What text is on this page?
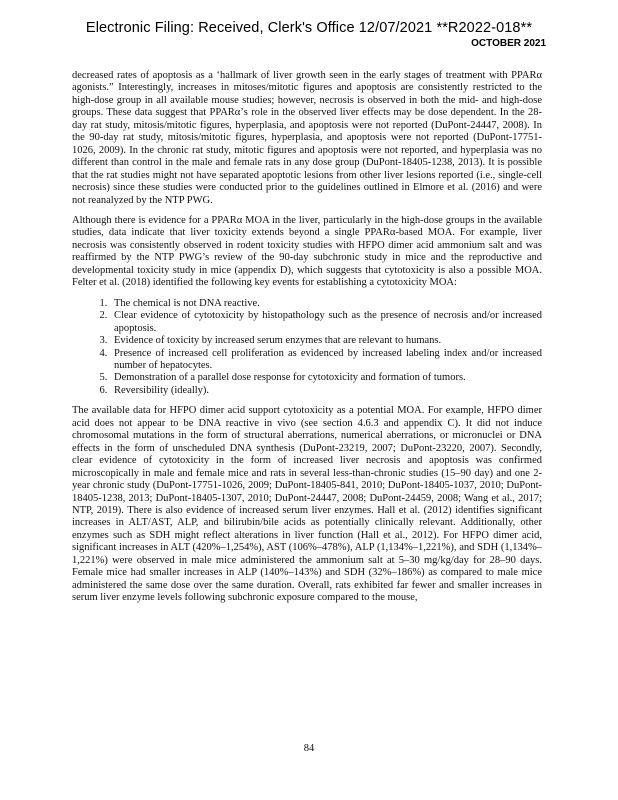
Electronic Filing: Received, Clerk's Office 12/07/2021 **R2022-018**
OCTOBER 2021

decreased rates of apoptosis as a ‘hallmark of liver growth seen in the early stages of treatment with PPARα agonists.” Interestingly, increases in mitoses/mitotic figures and apoptosis are consistently restricted to the high-dose group in all available mouse studies; however, necrosis is observed in both the mid- and high-dose groups. These data suggest that PPARα’s role in the observed liver effects may be dose dependent. In the 28-day rat study, mitosis/mitotic figures, hyperplasia, and apoptosis were not reported (DuPont-24447, 2008). In the 90-day rat study, mitosis/mitotic figures, hyperplasia, and apoptosis were not reported (DuPont-17751-1026, 2009). In the chronic rat study, mitotic figures and apoptosis were not reported, and hyperplasia was no different than control in the male and female rats in any dose group (DuPont-18405-1238, 2013). It is possible that the rat studies might not have separated apoptotic lesions from other liver lesions reported (i.e., single-cell necrosis) since these studies were conducted prior to the guidelines outlined in Elmore et al. (2016) and were not reanalyzed by the NTP PWG.

Although there is evidence for a PPARα MOA in the liver, particularly in the high-dose groups in the available studies, data indicate that liver toxicity extends beyond a single PPARα-based MOA. For example, liver necrosis was consistently observed in rodent toxicity studies with HFPO dimer acid ammonium salt and was reaffirmed by the NTP PWG’s review of the 90-day subchronic study in mice and the reproductive and developmental toxicity study in mice (appendix D), which suggests that cytotoxicity is also a possible MOA. Felter et al. (2018) identified the following key events for establishing a cytotoxicity MOA:

1. The chemical is not DNA reactive.
2. Clear evidence of cytotoxicity by histopathology such as the presence of necrosis and/or increased apoptosis.
3. Evidence of toxicity by increased serum enzymes that are relevant to humans.
4. Presence of increased cell proliferation as evidenced by increased labeling index and/or increased number of hepatocytes.
5. Demonstration of a parallel dose response for cytotoxicity and formation of tumors.
6. Reversibility (ideally).

The available data for HFPO dimer acid support cytotoxicity as a potential MOA. For example, HFPO dimer acid does not appear to be DNA reactive in vivo (see section 4.6.3 and appendix C). It did not induce chromosomal mutations in the form of structural aberrations, numerical aberrations, or micronuclei or DNA effects in the form of unscheduled DNA synthesis (DuPont-23219, 2007; DuPont-23220, 2007). Secondly, clear evidence of cytotoxicity in the form of increased liver necrosis and apoptosis was confirmed microscopically in male and female mice and rats in several less-than-chronic studies (15–90 day) and one 2-year chronic study (DuPont-17751-1026, 2009; DuPont-18405-841, 2010; DuPont-18405-1037, 2010; DuPont-18405-1238, 2013; DuPont-18405-1307, 2010; DuPont-24447, 2008; DuPont-24459, 2008; Wang et al., 2017; NTP, 2019). There is also evidence of increased serum liver enzymes. Hall et al. (2012) identifies significant increases in ALT/AST, ALP, and bilirubin/bile acids as potentially clinically relevant. Additionally, other enzymes such as SDH might reflect alterations in liver function (Hall et al., 2012). For HFPO dimer acid, significant increases in ALT (420%–1,254%), AST (106%–478%), ALP (1,134%–1,221%), and SDH (1,134%–1,221%) were observed in male mice administered the ammonium salt at 5–30 mg/kg/day for 28–90 days. Female mice had smaller increases in ALP (140%–143%) and SDH (32%–186%) as compared to male mice administered the same dose over the same duration. Overall, rats exhibited far fewer and smaller increases in serum liver enzyme levels following subchronic exposure compared to the mouse,

84
